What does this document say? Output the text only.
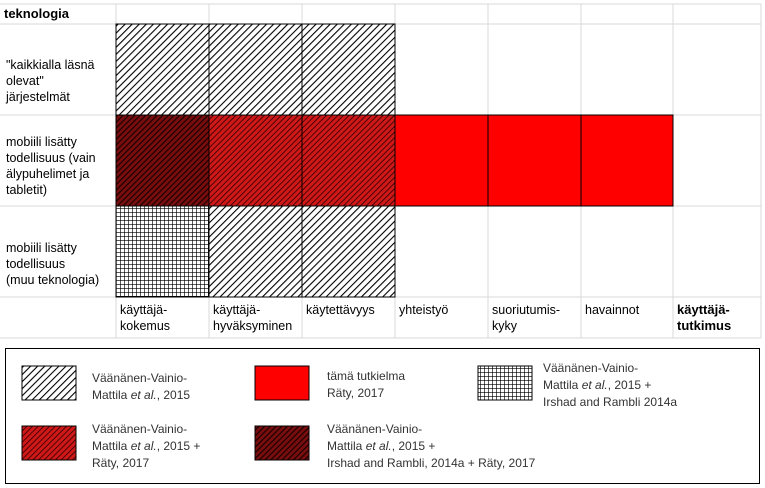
teknologia
"kaikkialla läsnä
olevat"
järjestelmät
mobiili lisätty
todellisuus (vain
älypuhelimet ja
tabletit)
mobiili lisätty
todellisuus
(muu teknologia)
käyttäjä-
kokemus
käyttäjä-
hyväksyminen
käytettävyys yhteistyö	suoriutumis-
kyky
havainnot	käyttäjä-
tutkimus
Väänänen-Vainio-
Mattila et al., 2015
tämä tutkielma
Räty, 2017
Väänänen-Vainio-
Mattila et al., 2015 +
Irshad and Rambli 2014a
Väänänen-Vainio-
Mattila et al., 2015 +
Räty, 2017
Väänänen-Vainio-
Mattila et al., 2015 +
Irshad and Rambli, 2014a + Räty, 2017
